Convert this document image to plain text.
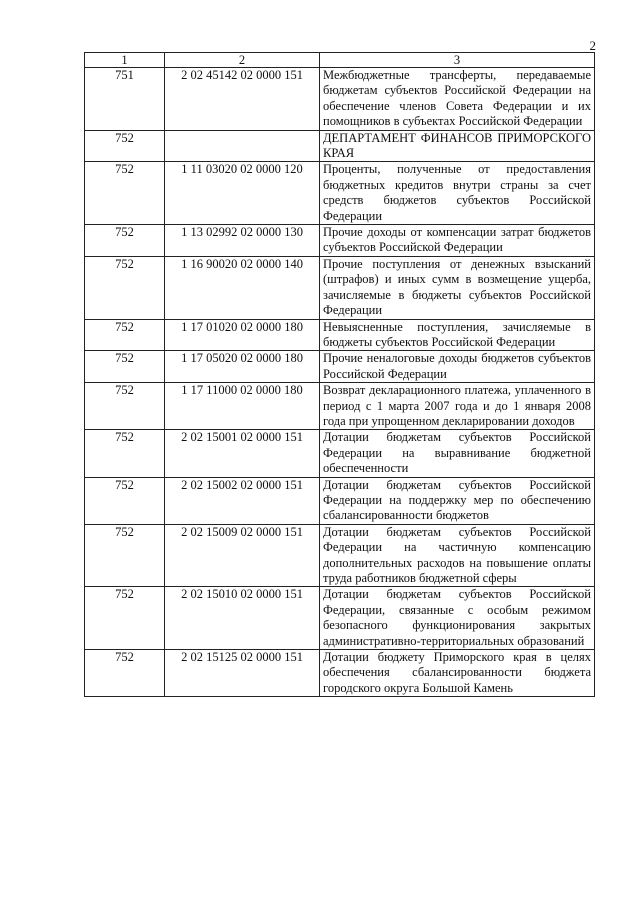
2
1	2	3
751	2 02 45142 02 0000 151	Межбюджетные трансферты, передаваемые бюджетам субъектов Российской Федерации на обеспечение членов Совета Федерации и их помощников в субъектах Российской Федерации
752		ДЕПАРТАМЕНТ ФИНАНСОВ ПРИМОРСКОГО КРАЯ
752	1 11 03020 02 0000 120	Проценты, полученные от предоставления бюджетных кредитов внутри страны за счет средств бюджетов субъектов Российской Федерации
752	1 13 02992 02 0000 130	Прочие доходы от компенсации затрат бюджетов субъектов Российской Федерации
752	1 16 90020 02 0000 140	Прочие поступления от денежных взысканий (штрафов) и иных сумм в возмещение ущерба, зачисляемые в бюджеты субъектов Российской Федерации
752	1 17 01020 02 0000 180	Невыясненные поступления, зачисляемые в бюджеты субъектов Российской Федерации
752	1 17 05020 02 0000 180	Прочие неналоговые доходы бюджетов субъектов Российской Федерации
752	1 17 11000 02 0000 180	Возврат декларационного платежа, уплаченного в период с 1 марта 2007 года и до 1 января 2008 года при упрощенном декларировании доходов
752	2 02 15001 02 0000 151	Дотации бюджетам субъектов Российской Федерации на выравнивание бюджетной обеспеченности
752	2 02 15002 02 0000 151	Дотации бюджетам субъектов Российской Федерации на поддержку мер по обеспечению сбалансированности бюджетов
752	2 02 15009 02 0000 151	Дотации бюджетам субъектов Российской Федерации на частичную компенсацию дополнительных расходов на повышение оплаты труда работников бюджетной сферы
752	2 02 15010 02 0000 151	Дотации бюджетам субъектов Российской Федерации, связанные с особым режимом безопасного функционирования закрытых административно-территориальных образований
752	2 02 15125 02 0000 151	Дотации бюджету Приморского края в целях обеспечения сбалансированности бюджета городского округа Большой Камень
